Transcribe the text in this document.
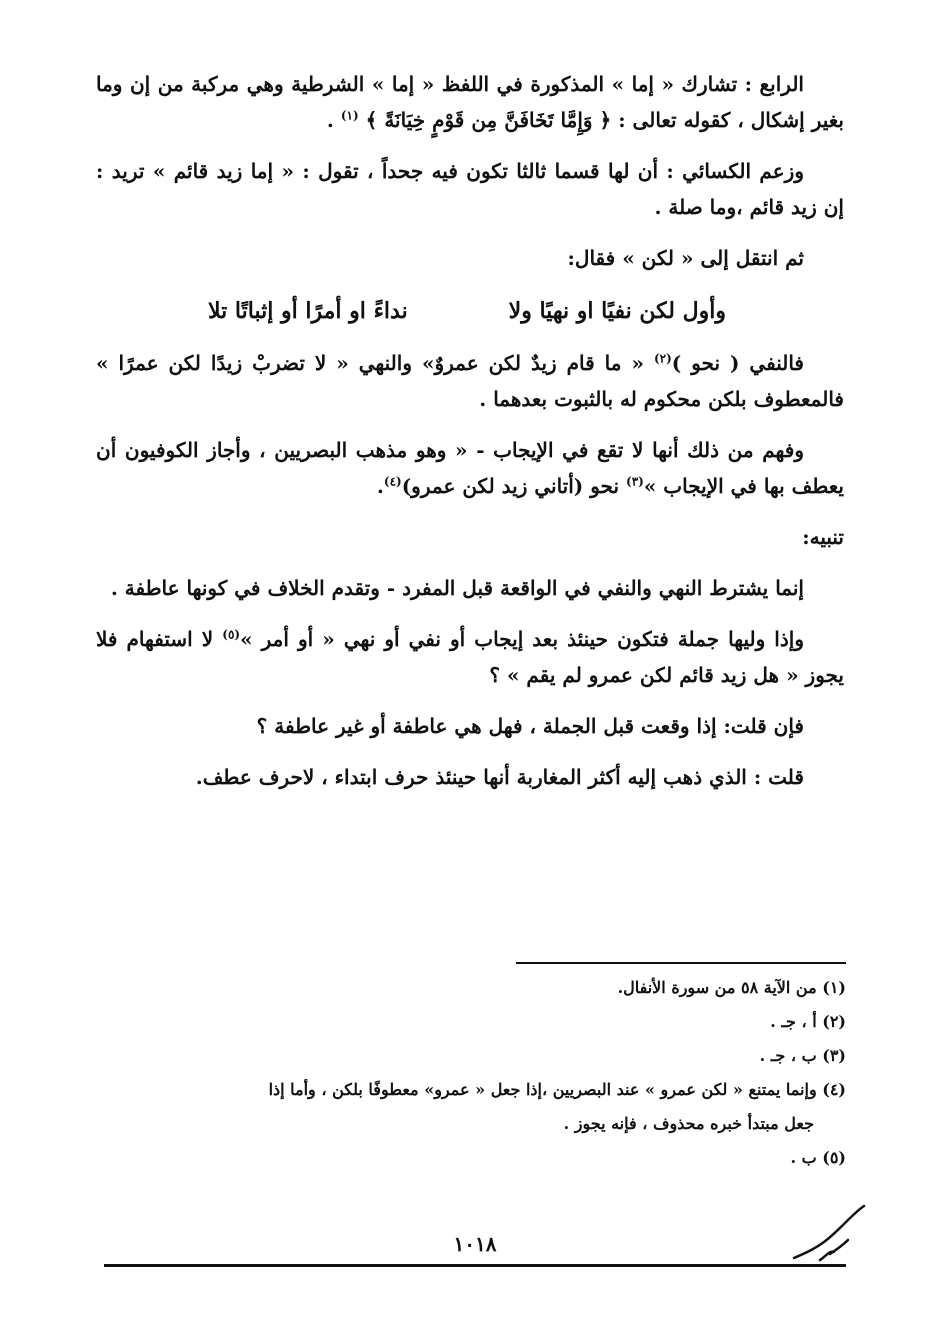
الرابع : تشارك « إما » المذكورة في اللفظ « إما » الشرطية وهي مركبة من إن وما بغير إشكال ، كقوله تعالى : ﴿ وَإِمَّا تَخَافَنَّ مِن قَوْمٍ خِيَانَةً ﴾ $^{(١)}$ .

وزعم الكسائي : أن لها قسما ثالثا تكون فيه جحداً ، تقول : « إما زيد قائم » تريد : إن زيد قائم ،وما صلة .

ثم انتقل إلى « لكن » فقال:

وأول لكن نفيًا او نهيًا ولا
نداءً او أمرًا أو إثباتًا تلا

فالنفي ( نحو )$^{(٢)}$ « ما قام زيدٌ لكن عمروٌ» والنهي « لا تضربْ زيدًا لكن عمرًا » فالمعطوف بلكن محكوم له بالثبوت بعدهما .

وفهم من ذلك أنها لا تقع في الإيجاب - « وهو مذهب البصريين ، وأجاز الكوفيون أن يعطف بها في الإيجاب »$^{(٣)}$ نحو (أتاني زيد لكن عمرو)$^{(٤)}$.

تنبيه:

إنما يشترط النهي والنفي في الواقعة قبل المفرد - وتقدم الخلاف في كونها عاطفة .

وإذا وليها جملة فتكون حينئذ بعد إيجاب أو نفي أو نهي « أو أمر »$^{(٥)}$ لا استفهام فلا يجوز « هل زيد قائم لكن عمرو لم يقم » ؟

فإن قلت: إذا وقعت قبل الجملة ، فهل هي عاطفة أو غير عاطفة ؟

قلت : الذي ذهب إليه أكثر المغاربة أنها حينئذ حرف ابتداء ، لاحرف عطف.

(١) من الآية ٥٨ من سورة الأنفال.

(٢) أ ، جـ .

(٣) ب ، جـ .

(٤) وإنما يمتنع « لكن عمرو » عند البصريين ،إذا جعل « عمرو» معطوفًا بلكن ، وأما إذا

جعل مبتدأ خبره محذوف ، فإنه يجوز .

(٥) ب .

١٠١٨
